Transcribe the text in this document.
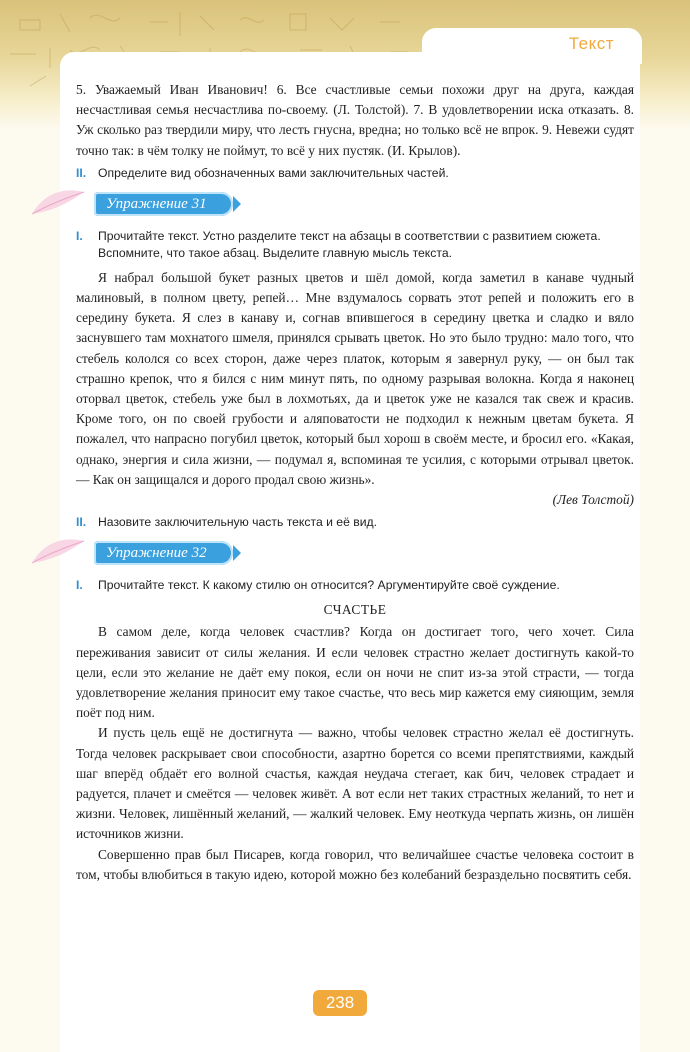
Текст

5. Уважаемый Иван Иванович! 6. Все счастливые семьи похожи друг на друга, каждая несчастливая семья несчастлива по-своему. (Л. Толстой). 7. В удовлетворении иска отказать. 8. Уж сколько раз твердили миру, что лесть гнусна, вредна; но только всё не впрок. 9. Невежи судят точно так: в чём толку не поймут, то всё у них пустяк. (И. Крылов).

II. Определите вид обозначенных вами заключительных частей.
Упражнение 31
I. Прочитайте текст. Устно разделите текст на абзацы в соответствии с развитием сюжета. Вспомните, что такое абзац. Выделите главную мысль текста.

Я набрал большой букет разных цветов и шёл домой, когда заметил в канаве чудный малиновый, в полном цвету, репей… Мне вздумалось сорвать этот репей и положить его в середину букета. Я слез в канаву и, согнав впившегося в середину цветка и сладко и вяло заснувшего там мохнатого шмеля, принялся срывать цветок. Но это было трудно: мало того, что стебель кололся со всех сторон, даже через платок, которым я завернул руку, — он был так страшно крепок, что я бился с ним минут пять, по одному разрывая волокна. Когда я наконец оторвал цветок, стебель уже был в лохмотьях, да и цветок уже не казался так свеж и красив. Кроме того, он по своей грубости и аляповатости не подходил к нежным цветам букета. Я пожалел, что напрасно погубил цветок, который был хорош в своём месте, и бросил его. «Какая, однако, энергия и сила жизни, — подумал я, вспоминая те усилия, с которыми отрывал цветок. — Как он защищался и дорого продал свою жизнь».

(Лев Толстой)
II. Назовите заключительную часть текста и её вид.
Упражнение 32
I. Прочитайте текст. К какому стилю он относится? Аргументируйте своё суждение.
СЧАСТЬЕ

В самом деле, когда человек счастлив? Когда он достигает того, чего хочет. Сила переживания зависит от силы желания. И если человек страстно желает достигнуть какой-то цели, если это желание не даёт ему покоя, если он ночи не спит из-за этой страсти, — тогда удовлетворение желания приносит ему такое счастье, что весь мир кажется ему сияющим, земля поёт под ним.

И пусть цель ещё не достигнута — важно, чтобы человек страстно желал её достигнуть. Тогда человек раскрывает свои способности, азартно борется со всеми препятствиями, каждый шаг вперёд обдаёт его волной счастья, каждая неудача стегает, как бич, человек страдает и радуется, плачет и смеётся — человек живёт. А вот если нет таких страстных желаний, то нет и жизни. Человек, лишённый желаний, — жалкий человек. Ему неоткуда черпать жизнь, он лишён источников жизни.

Совершенно прав был Писарев, когда говорил, что величайшее счастье человека состоит в том, чтобы влюбиться в такую идею, которой можно без колебаний безраздельно посвятить себя.

238
